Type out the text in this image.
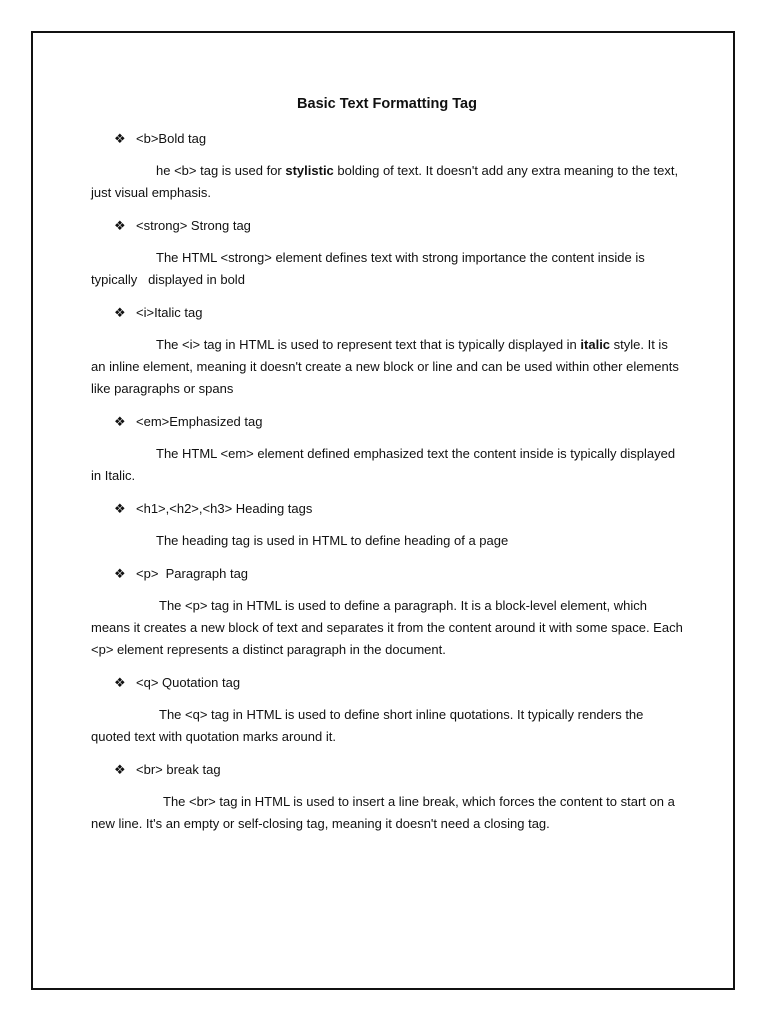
Basic Text Formatting Tag
❖ <b>Bold tag

he <b> tag is used for stylistic bolding of text. It doesn't add any extra meaning to the text, just visual emphasis.

❖ <strong> Strong tag

The HTML <strong> element defines text with strong importance the content inside is typically   displayed in bold

❖ <i>Italic tag

The <i> tag in HTML is used to represent text that is typically displayed in italic style. It is an inline element, meaning it doesn't create a new block or line and can be used within other elements like paragraphs or spans

❖ <em>Emphasized tag

The HTML <em> element defined emphasized text the content inside is typically displayed in Italic.

❖ <h1>,<h2>,<h3> Heading tags

The heading tag is used in HTML to define heading of a page

❖ <p>  Paragraph tag

The <p> tag in HTML is used to define a paragraph. It is a block-level element, which means it creates a new block of text and separates it from the content around it with some space. Each <p> element represents a distinct paragraph in the document.

❖ <q> Quotation tag

The <q> tag in HTML is used to define short inline quotations. It typically renders the quoted text with quotation marks around it.

❖ <br> break tag

The <br> tag in HTML is used to insert a line break, which forces the content to start on a new line. It's an empty or self-closing tag, meaning it doesn't need a closing tag.
